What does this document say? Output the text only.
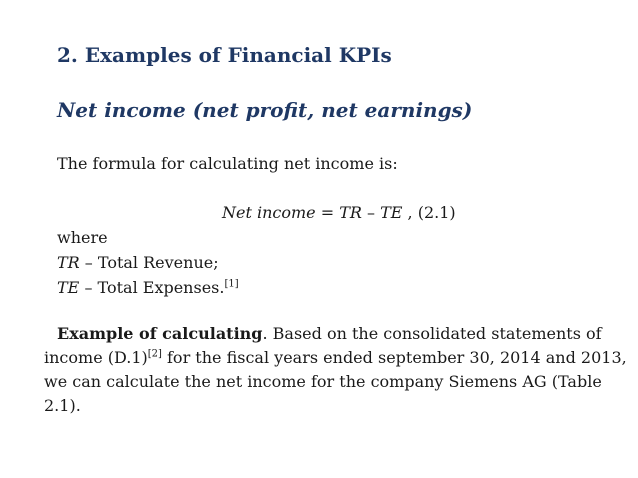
2. Examples of Financial KPIs
Net income (net profit, net earnings)
The formula for calculating net income is:
Net income = TR – TE , (2.1)
where
TR – Total Revenue;
TE – Total Expenses.[1]
Example of calculating. Based on the consolidated statements of
income (D.1)[2] for the fiscal years ended september 30, 2014 and 2013,
we can calculate the net income for the company Siemens AG (Table
2.1).
